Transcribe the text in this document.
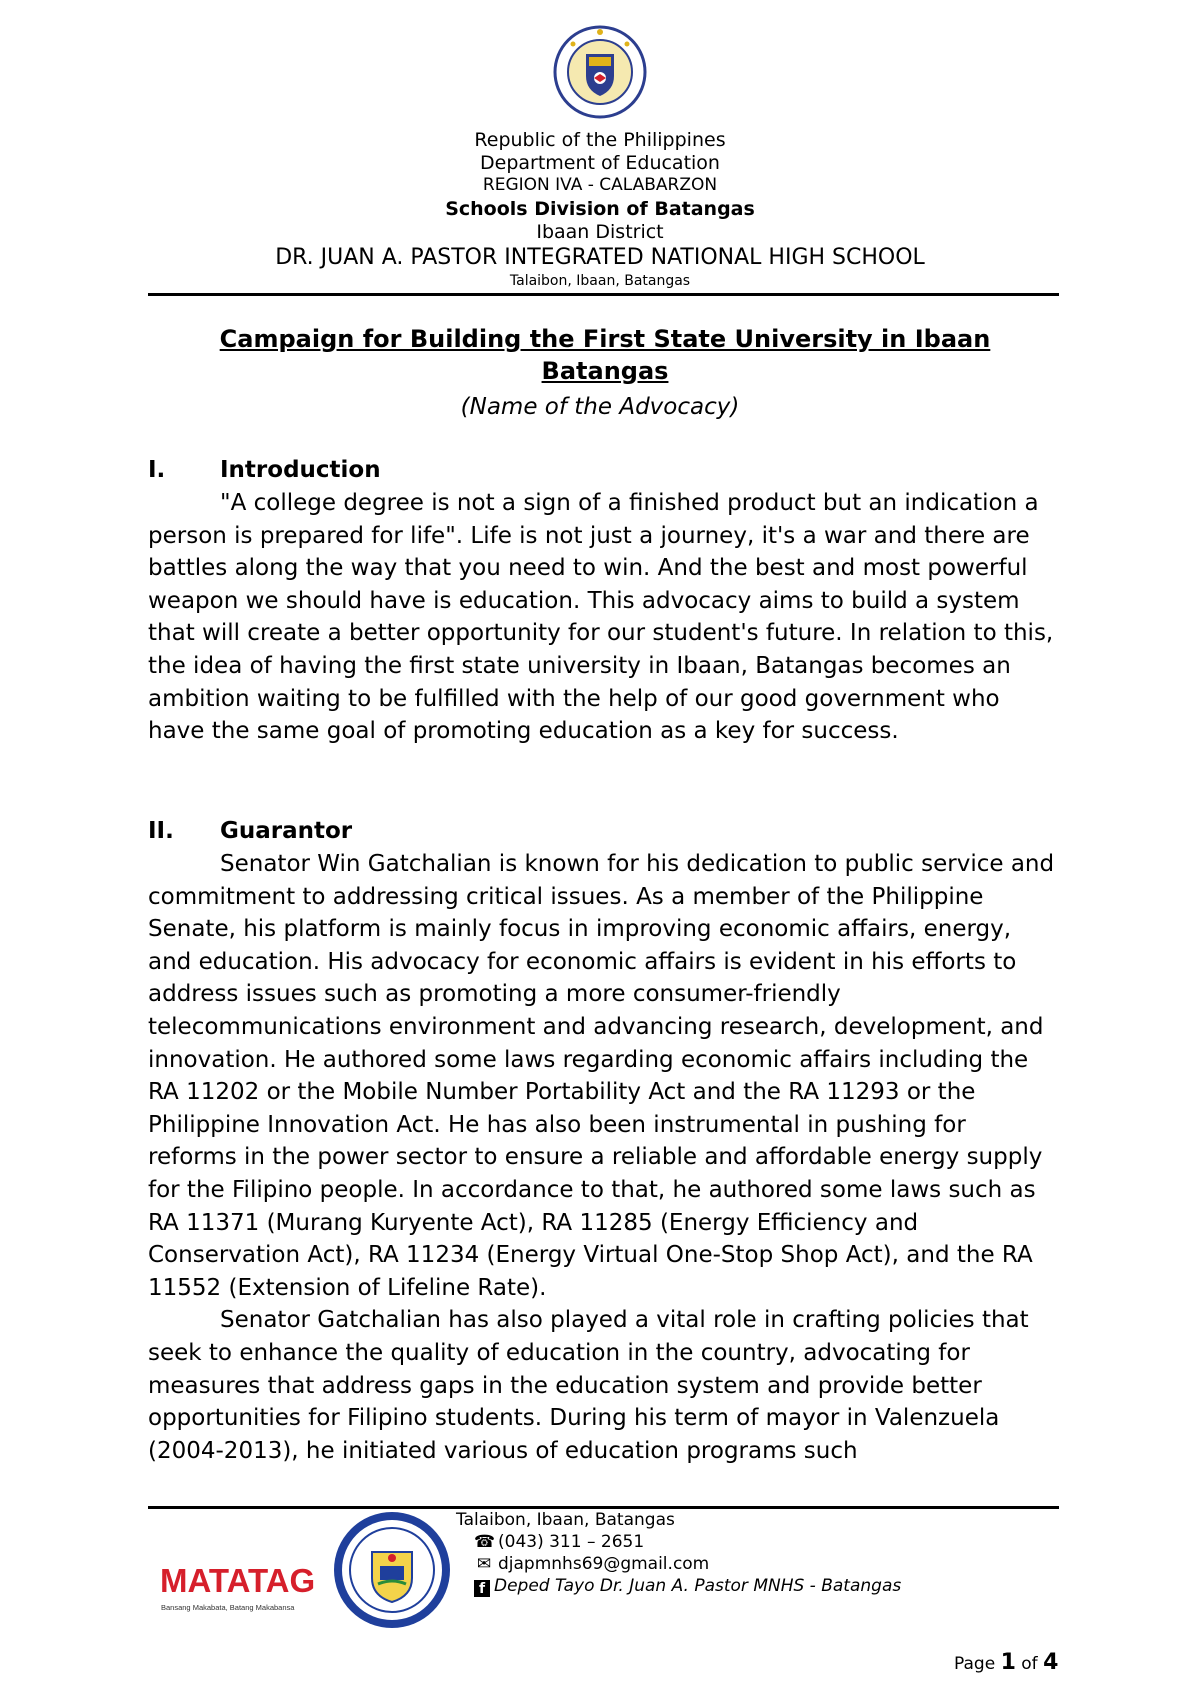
Republic of the Philippines
Department of Education
REGION IVA - CALABARZON
Schools Division of Batangas
Ibaan District
DR. JUAN A. PASTOR INTEGRATED NATIONAL HIGH SCHOOL
Talaibon, Ibaan, Batangas
Campaign for Building the First State University in Ibaan Batangas
(Name of the Advocacy)
I. Introduction

"A college degree is not a sign of a finished product but an indication a person is prepared for life". Life is not just a journey, it's a war and there are battles along the way that you need to win. And the best and most powerful weapon we should have is education. This advocacy aims to build a system that will create a better opportunity for our student's future. In relation to this, the idea of having the first state university in Ibaan, Batangas becomes an ambition waiting to be fulfilled with the help of our good government who have the same goal of promoting education as a key for success.

II. Guarantor

Senator Win Gatchalian is known for his dedication to public service and commitment to addressing critical issues. As a member of the Philippine Senate, his platform is mainly focus in improving economic affairs, energy, and education. His advocacy for economic affairs is evident in his efforts to address issues such as promoting a more consumer-friendly telecommunications environment and advancing research, development, and innovation. He authored some laws regarding economic affairs including the RA 11202 or the Mobile Number Portability Act and the RA 11293 or the Philippine Innovation Act. He has also been instrumental in pushing for reforms in the power sector to ensure a reliable and affordable energy supply for the Filipino people. In accordance to that, he authored some laws such as RA 11371 (Murang Kuryente Act), RA 11285 (Energy Efficiency and Conservation Act), RA 11234 (Energy Virtual One-Stop Shop Act), and the RA 11552 (Extension of Lifeline Rate).

Senator Gatchalian has also played a vital role in crafting policies that seek to enhance the quality of education in the country, advocating for measures that address gaps in the education system and provide better opportunities for Filipino students. During his term of mayor in Valenzuela (2004-2013), he initiated various of education programs such

MATATAG
Bansang Makabata, Batang Makabansa
Talaibon, Ibaan, Batangas
☎ (043) 311 – 2651
✉ djapmnhs69@gmail.com
f Deped Tayo Dr. Juan A. Pastor MNHS - Batangas
Page 1 of 4
